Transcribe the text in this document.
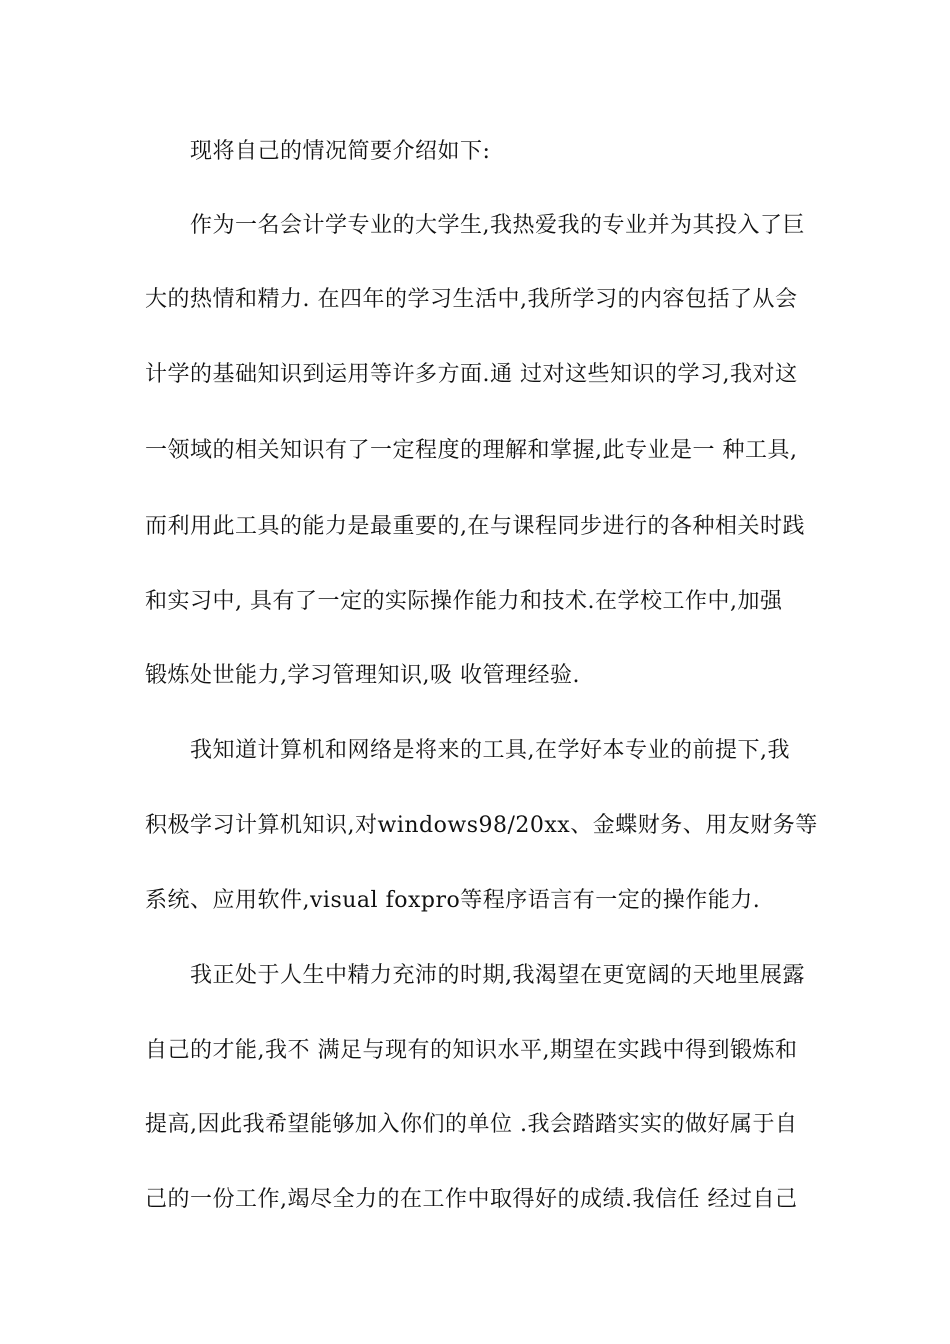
现将自己的情况简要介绍如下:
作为一名会计学专业的大学生,我热爱我的专业并为其投入了巨
大的热情和精力. 在四年的学习生活中,我所学习的内容包括了从会
计学的基础知识到运用等许多方面.通 过对这些知识的学习,我对这
一领域的相关知识有了一定程度的理解和掌握,此专业是一 种工具,
而利用此工具的能力是最重要的,在与课程同步进行的各种相关时践
和实习中, 具有了一定的实际操作能力和技术.在学校工作中,加强
锻炼处世能力,学习管理知识,吸 收管理经验.
我知道计算机和网络是将来的工具,在学好本专业的前提下,我
积极学习计算机知识,对windows98/20xx、金蝶财务、用友财务等
系统、应用软件,visual foxpro等程序语言有一定的操作能力.
我正处于人生中精力充沛的时期,我渴望在更宽阔的天地里展露
自己的才能,我不 满足与现有的知识水平,期望在实践中得到锻炼和
提高,因此我希望能够加入你们的单位 .我会踏踏实实的做好属于自
己的一份工作,竭尽全力的在工作中取得好的成绩.我信任 经过自己
